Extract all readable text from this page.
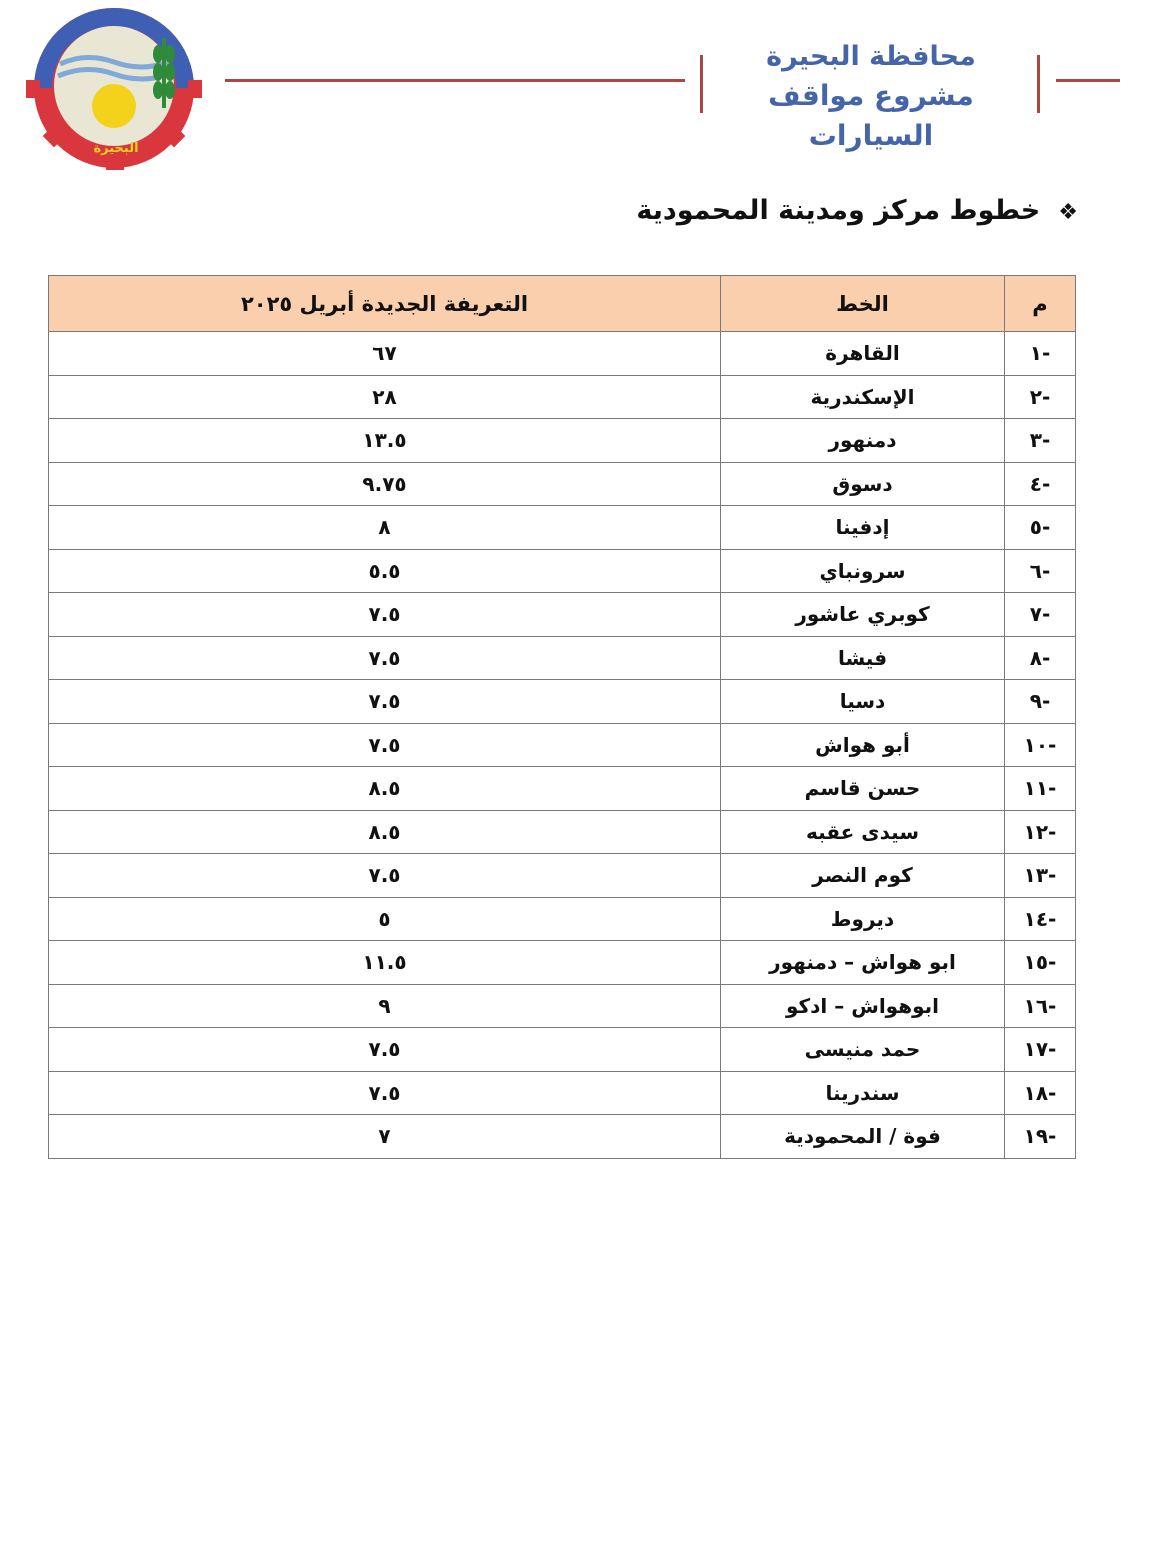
البحيرة
محافظة البحيرة
مشروع مواقف السيارات
❖خطوط مركز ومدينة المحمودية
م	الخط	التعريفة الجديدة أبريل ٢٠٢٥
١-	القاهرة	٦٧
٢-	الإسكندرية	٢٨
٣-	دمنهور	١٣.٥
٤-	دسوق	٩.٧٥
٥-	إدفينا	٨
٦-	سرونباي	٥.٥
٧-	كوبري عاشور	٧.٥
٨-	فيشا	٧.٥
٩-	دسيا	٧.٥
١٠-	أبو هواش	٧.٥
١١-	حسن قاسم	٨.٥
١٢-	سيدى عقبه	٨.٥
١٣-	كوم النصر	٧.٥
١٤-	ديروط	٥
١٥-	ابو هواش – دمنهور	١١.٥
١٦-	ابوهواش – ادكو	٩
١٧-	حمد منيسى	٧.٥
١٨-	سندرينا	٧.٥
١٩-	فوة / المحمودية	٧
